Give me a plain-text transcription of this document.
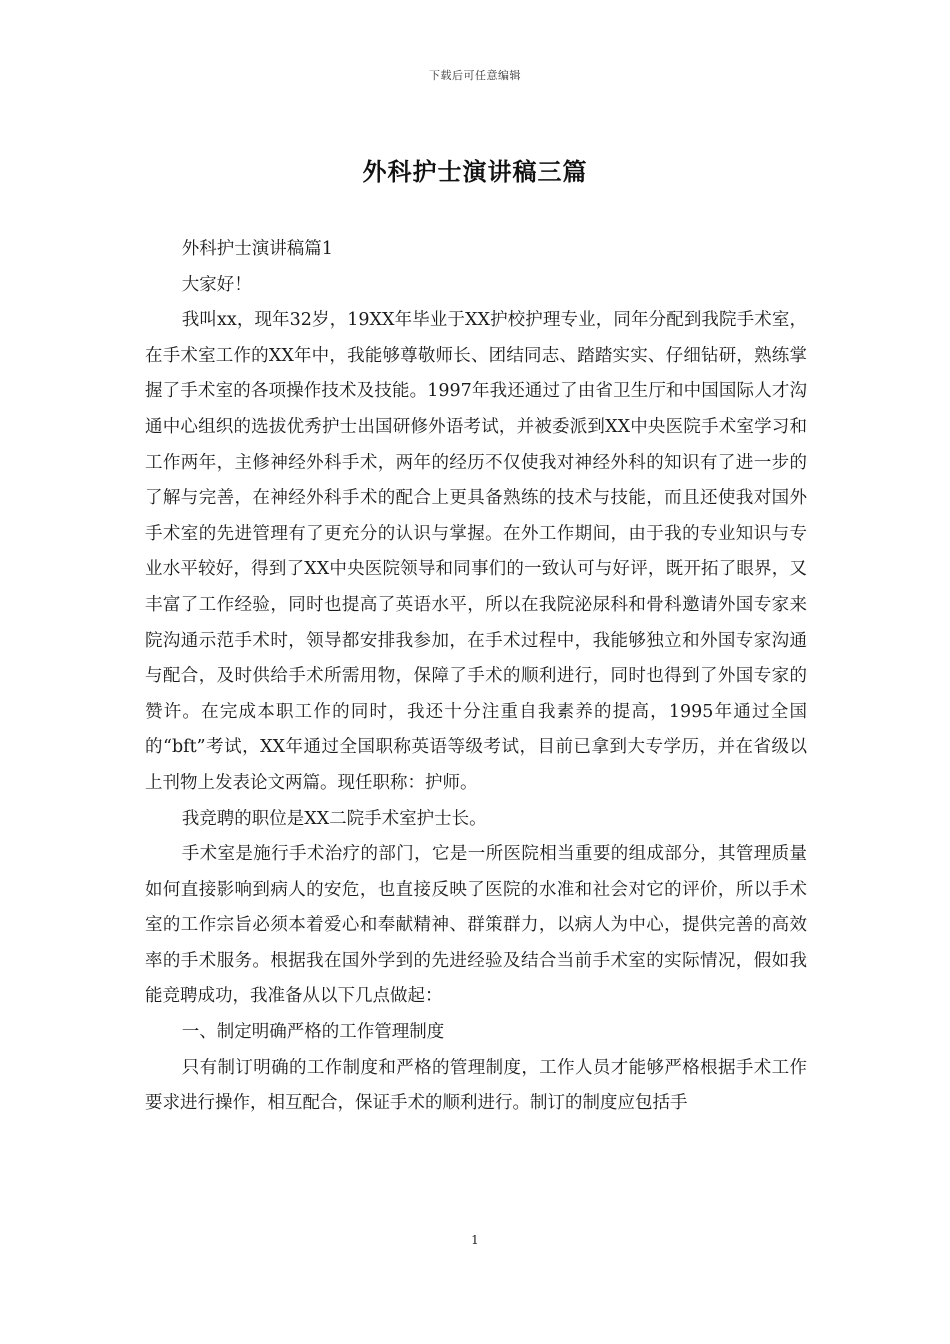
下载后可任意编辑
外科护士演讲稿三篇

外科护士演讲稿篇1

大家好！

我叫xx，现年32岁，19XX年毕业于XX护校护理专业，同年分配到我院手术室，在手术室工作的XX年中，我能够尊敬师长、团结同志、踏踏实实、仔细钻研，熟练掌握了手术室的各项操作技术及技能。1997年我还通过了由省卫生厅和中国国际人才沟通中心组织的选拔优秀护士出国研修外语考试，并被委派到XX中央医院手术室学习和工作两年，主修神经外科手术，两年的经历不仅使我对神经外科的知识有了进一步的了解与完善，在神经外科手术的配合上更具备熟练的技术与技能，而且还使我对国外手术室的先进管理有了更充分的认识与掌握。在外工作期间，由于我的专业知识与专业水平较好，得到了XX中央医院领导和同事们的一致认可与好评，既开拓了眼界，又丰富了工作经验，同时也提高了英语水平，所以在我院泌尿科和骨科邀请外国专家来院沟通示范手术时，领导都安排我参加，在手术过程中，我能够独立和外国专家沟通与配合，及时供给手术所需用物，保障了手术的顺利进行，同时也得到了外国专家的赞许。在完成本职工作的同时，我还十分注重自我素养的提高，1995年通过全国的“bft”考试，XX年通过全国职称英语等级考试，目前已拿到大专学历，并在省级以上刊物上发表论文两篇。现任职称：护师。

我竞聘的职位是XX二院手术室护士长。

手术室是施行手术治疗的部门，它是一所医院相当重要的组成部分，其管理质量如何直接影响到病人的安危，也直接反映了医院的水准和社会对它的评价，所以手术室的工作宗旨必须本着爱心和奉献精神、群策群力，以病人为中心，提供完善的高效率的手术服务。根据我在国外学到的先进经验及结合当前手术室的实际情况，假如我能竞聘成功，我准备从以下几点做起：

一、制定明确严格的工作管理制度

只有制订明确的工作制度和严格的管理制度，工作人员才能够严格根据手术工作要求进行操作，相互配合，保证手术的顺利进行。制订的制度应包括手

1
